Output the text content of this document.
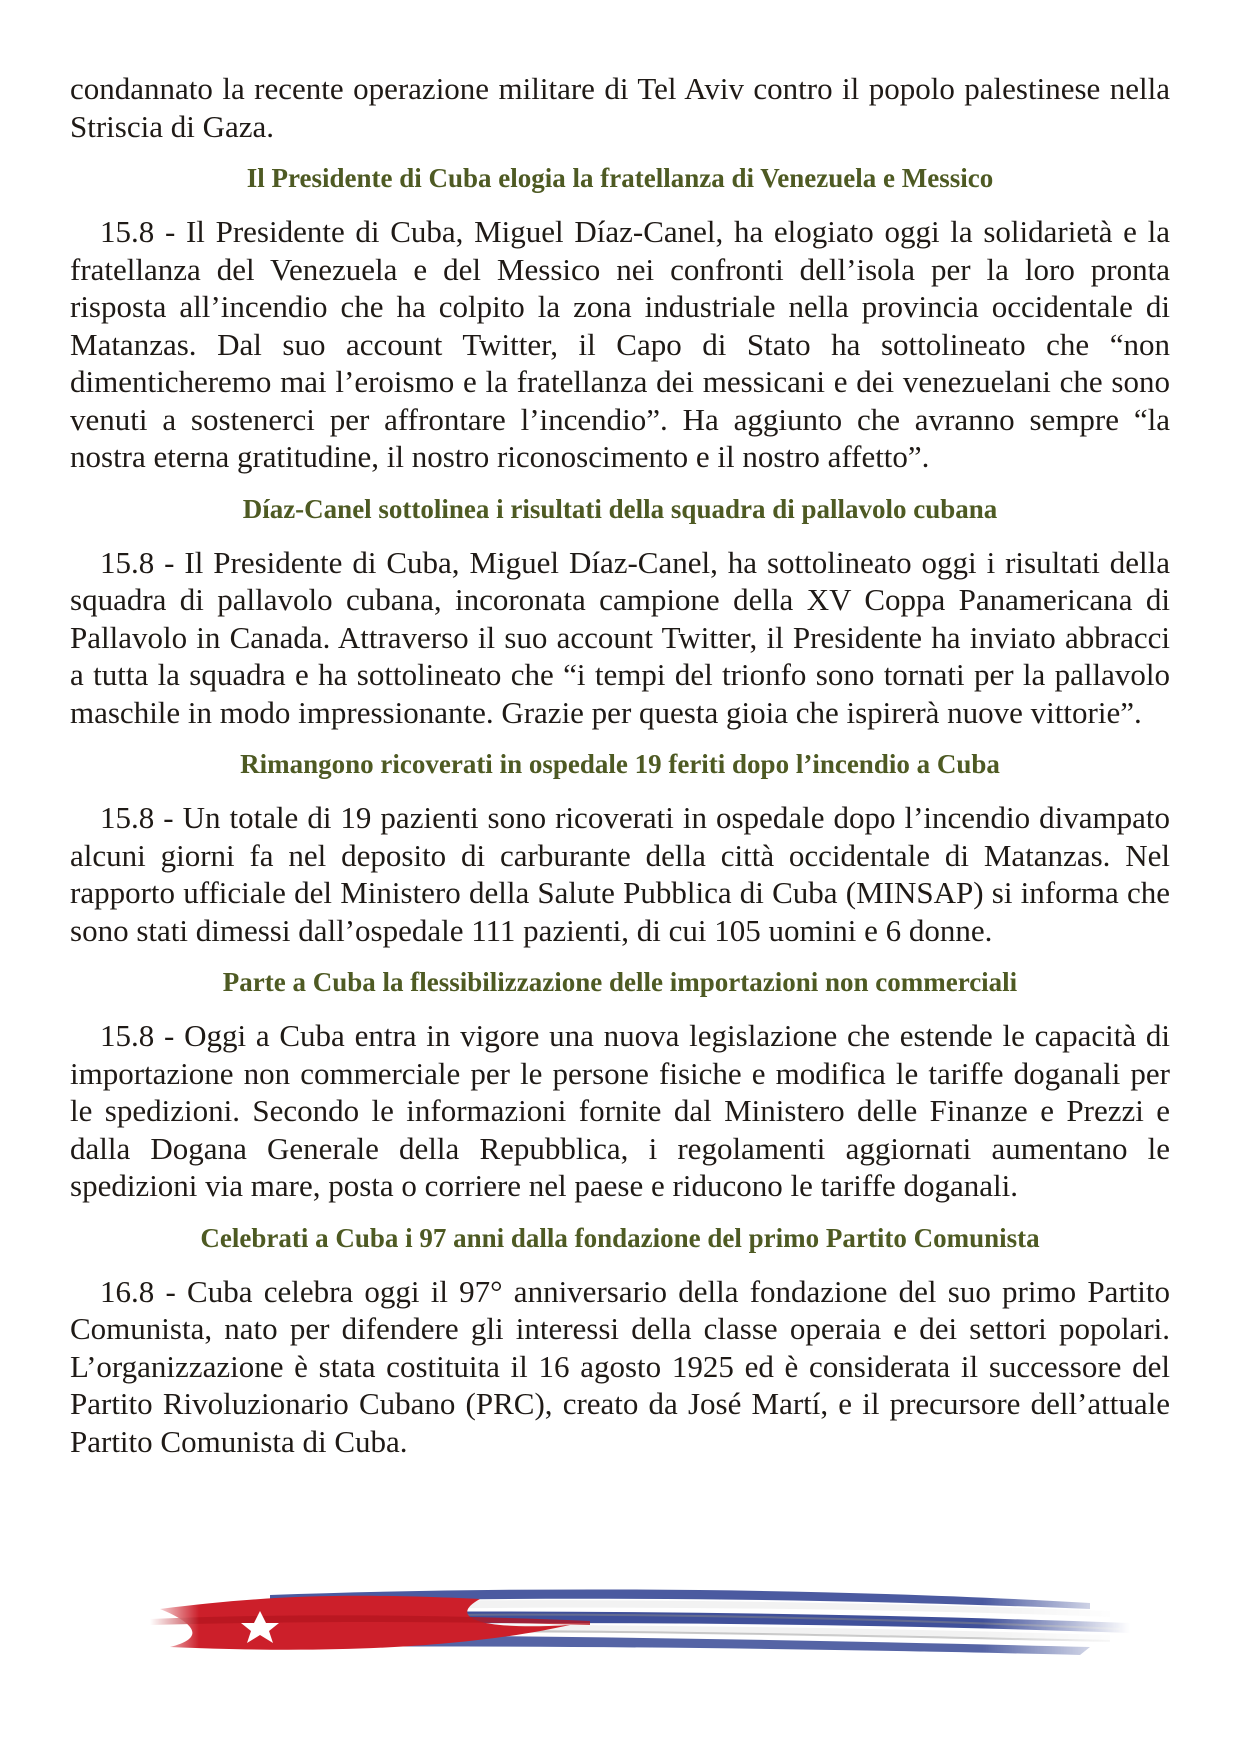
condannato la recente operazione militare di Tel Aviv contro il popolo palestinese nella Striscia di Gaza.

Il Presidente di Cuba elogia la fratellanza di Venezuela e Messico

15.8 - Il Presidente di Cuba, Miguel Díaz-Canel, ha elogiato oggi la solidarietà e la fratellanza del Venezuela e del Messico nei confronti dell’isola per la loro pronta risposta all’incendio che ha colpito la zona industriale nella provincia occidentale di Matanzas. Dal suo account Twitter, il Capo di Stato ha sottolineato che “non dimenticheremo mai l’eroismo e la fratellanza dei messicani e dei venezuelani che sono venuti a sostenerci per affrontare l’incendio”. Ha aggiunto che avranno sempre “la nostra eterna gratitudine, il nostro riconoscimento e il nostro affetto”.

Díaz-Canel sottolinea i risultati della squadra di pallavolo cubana

15.8 - Il Presidente di Cuba, Miguel Díaz-Canel, ha sottolineato oggi i risultati della squadra di pallavolo cubana, incoronata campione della XV Coppa Panamericana di Pallavolo in Canada. Attraverso il suo account Twitter, il Presidente ha inviato abbracci a tutta la squadra e ha sottolineato che “i tempi del trionfo sono tornati per la pallavolo maschile in modo impressionante. Grazie per questa gioia che ispirerà nuove vittorie”.

Rimangono ricoverati in ospedale 19 feriti dopo l’incendio a Cuba

15.8 - Un totale di 19 pazienti sono ricoverati in ospedale dopo l’incendio divampato alcuni giorni fa nel deposito di carburante della città occidentale di Matanzas. Nel rapporto ufficiale del Ministero della Salute Pubblica di Cuba (MINSAP) si informa che sono stati dimessi dall’ospedale 111 pazienti, di cui 105 uomini e 6 donne.

Parte a Cuba la flessibilizzazione delle importazioni non commerciali

15.8 - Oggi a Cuba entra in vigore una nuova legislazione che estende le capacità di importazione non commerciale per le persone fisiche e modifica le tariffe doganali per le spedizioni. Secondo le informazioni fornite dal Ministero delle Finanze e Prezzi e dalla Dogana Generale della Repubblica, i regolamenti aggiornati aumentano le spedizioni via mare, posta o corriere nel paese e riducono le tariffe doganali.

Celebrati a Cuba i 97 anni dalla fondazione del primo Partito Comunista

16.8 - Cuba celebra oggi il 97° anniversario della fondazione del suo primo Partito Comunista, nato per difendere gli interessi della classe operaia e dei settori popolari. L’organizzazione è stata costituita il 16 agosto 1925 ed è considerata il successore del Partito Rivoluzionario Cubano (PRC), creato da José Martí, e il precursore dell’attuale Partito Comunista di Cuba.
